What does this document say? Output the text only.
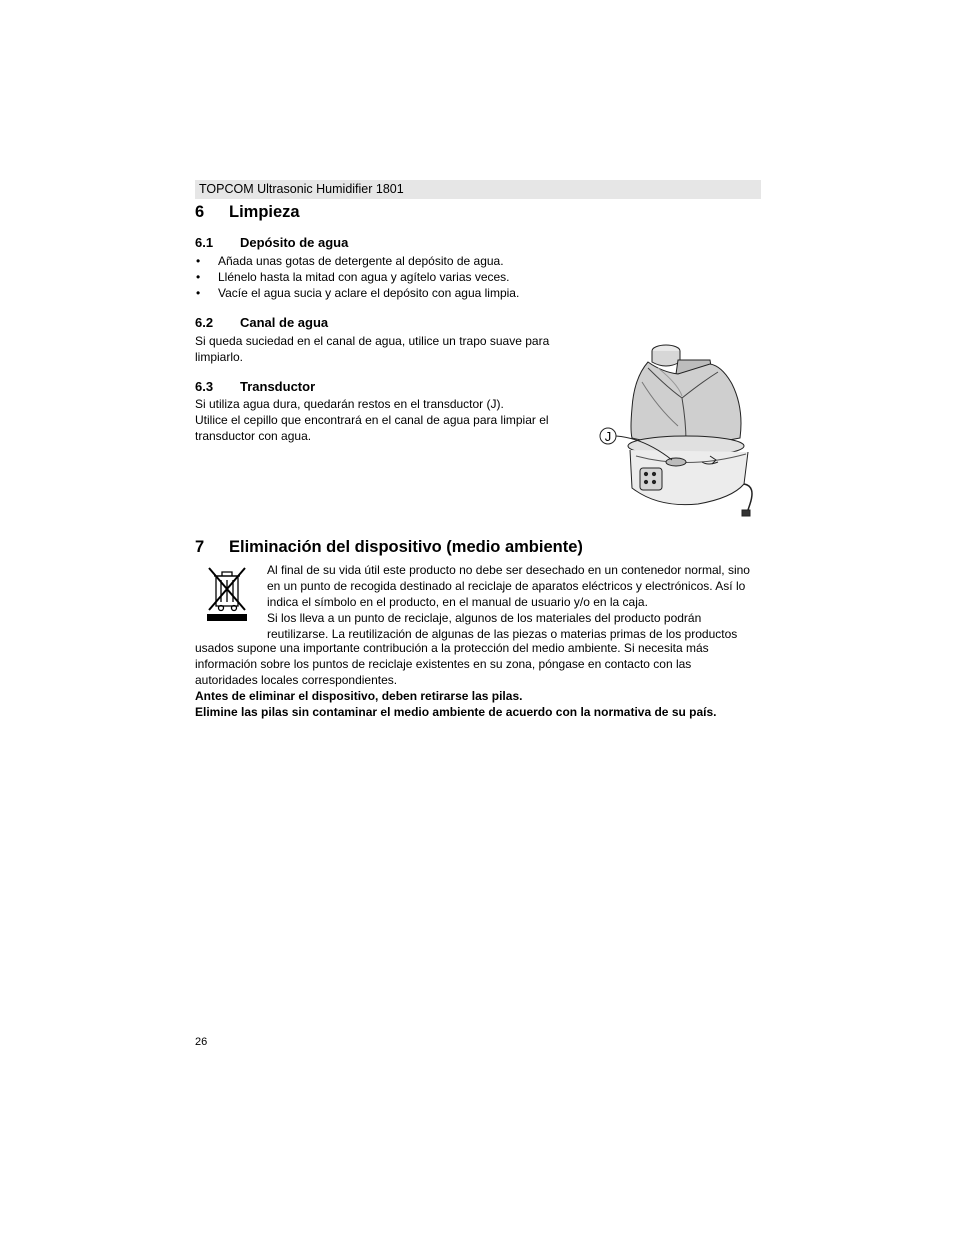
TOPCOM Ultrasonic Humidifier 1801
6 Limpieza
6.1 Depósito de agua
• Añada unas gotas de detergente al depósito de agua.
• Llénelo hasta la mitad con agua y agítelo varias veces.
• Vacíe el agua sucia y aclare el depósito con agua limpia.
6.2 Canal de agua
Si queda suciedad en el canal de agua, utilice un trapo suave para
limpiarlo.
6.3 Transductor
Si utiliza agua dura, quedarán restos en el transductor (J).
Utilice el cepillo que encontrará en el canal de agua para limpiar el
transductor con agua.	J
7 Eliminación del dispositivo (medio ambiente)
Al final de su vida útil este producto no debe ser desechado en un contenedor normal, sino
en un punto de recogida destinado al reciclaje de aparatos eléctricos y electrónicos. Así lo
indica el símbolo en el producto, en el manual de usuario y/o en la caja.
Si los lleva a un punto de reciclaje, algunos de los materiales del producto podrán
reutilizarse. La reutilización de algunas de las piezas o materias primas de los productos
usados supone una importante contribución a la protección del medio ambiente. Si necesita más
información sobre los puntos de reciclaje existentes en su zona, póngase en contacto con las
autoridades locales correspondientes.
Antes de eliminar el dispositivo, deben retirarse las pilas.
Elimine las pilas sin contaminar el medio ambiente de acuerdo con la normativa de su país.
26
